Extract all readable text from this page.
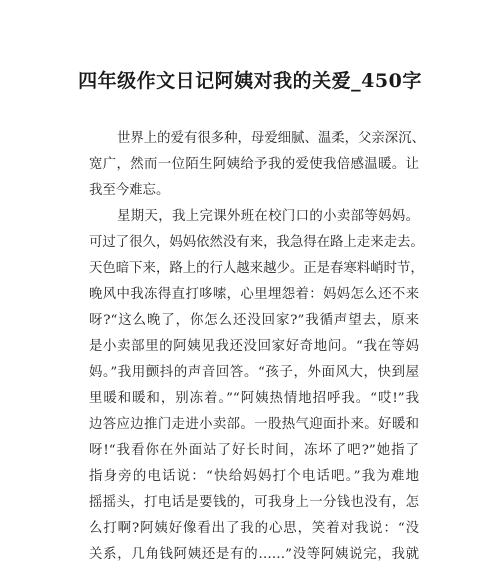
四年级作文日记阿姨对我的关爱_450字
世界上的爱有很多种，母爱细腻、温柔，父亲深沉、
宽广，然而一位陌生阿姨给予我的爱使我倍感温暖。让
我至今难忘。
星期天，我上完课外班在校门口的小卖部等妈妈。
可过了很久，妈妈依然没有来，我急得在路上走来走去。
天色暗下来，路上的行人越来越少。正是春寒料峭时节，
晚风中我冻得直打哆嗦，心里埋怨着：妈妈怎么还不来
呀?“这么晚了，你怎么还没回家?”我循声望去，原来
是小卖部里的阿姨见我还没回家好奇地问。“我在等妈
妈。”我用颤抖的声音回答。“孩子，外面风大，快到屋
里暖和暖和，别冻着。”“阿姨热情地招呼我。“哎!”我
边答应边推门走进小卖部。一股热气迎面扑来。好暖和
呀!“我看你在外面站了好长时间，冻坏了吧?”她指了
指身旁的电话说：“快给妈妈打个电话吧。”我为难地
摇摇头，打电话是要钱的，可我身上一分钱也没有，怎
么打啊?阿姨好像看出了我的心思，笑着对我说：“没
关系，几角钱阿姨还是有的……”没等阿姨说完，我就
